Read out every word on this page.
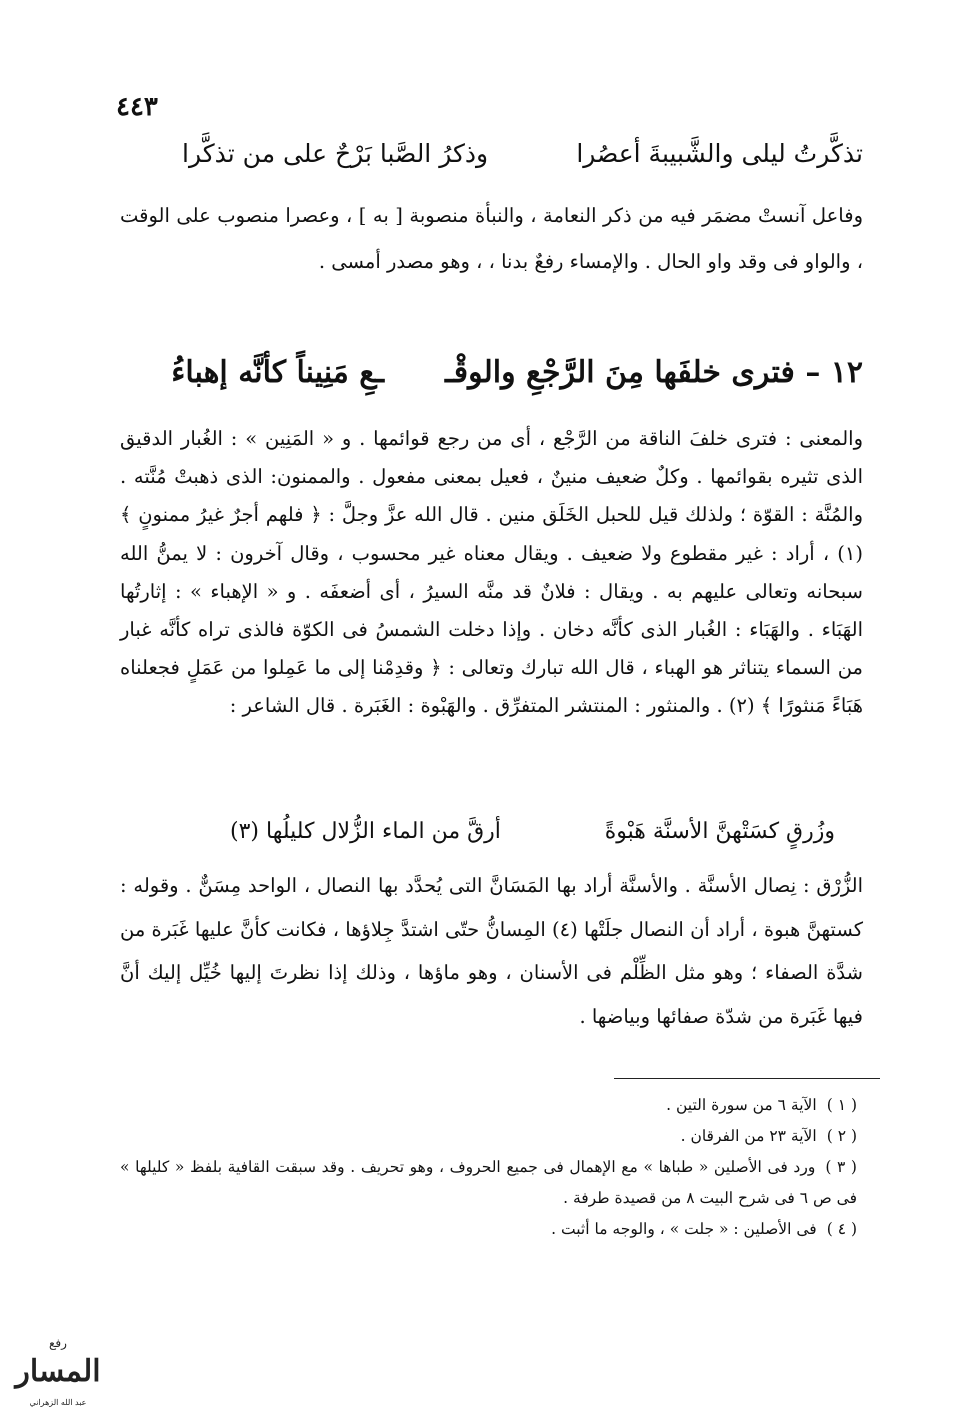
٤٤٣
تذكَّرتُ ليلى والشَّبيبةَ أعصُرا
وذكرُ الصَّبا بَرْحٌ على من تذكَّرا

وفاعل آنستْ مضمَر فيه من ذكر النعامة ، والنبأة منصوبة [ به ] ، وعصرا منصوب على الوقت ، والواو فى وقد واو الحال . والإمساء رفعٌ بدنا ، ، وهو مصدر أمسى .

١٢ – فترى خلفَها مِنَ الرَّجْعِ والوقْـ  ـعِ مَنِيناً كأنَّه إهباءُ

والمعنى : فترى خلفَ الناقة من الرَّجْع ، أى من رجع قوائمها . و « المَنِين » : الغُبار الدقيق الذى تثيره بقوائمها . وكلٌ ضعيف منينٌ ، فعيل بمعنى مفعول . والممنون: الذى ذهبتْ مُنَّته . والمُنَّة : القوّة ؛ ولذلك قيل للحبل الخَلَق منين . قال الله عزَّ وجلَّ : ﴿ فلهم أجرٌ غيرُ ممنونٍ ﴾ (١) ، أراد : غير مقطوع ولا ضعيف . ويقال معناه غير محسوب ، وقال آخرون : لا يمنُّ الله سبحانه وتعالى عليهم به . ويقال : فلانٌ قد منَّه السيرُ ، أى أضعفَه . و « الإهباء » : إثارتُها الهَبَاء . والهَبَاء : الغُبار الذى كأنَّه دخان . وإذا دخلت الشمسُ فى الكوّة فالذى تراه كأنَّه غبار من السماء يتناثر هو الهباء ، قال الله تبارك وتعالى : ﴿ وقدِمْنا إلى ما عَمِلوا من عَمَلٍ فجعلناه هَبَاءً مَنثورًا ﴾ (٢) . والمنثور : المنتشر المتفرِّق . والهَبْوة : الغَبَرة . قال الشاعر :

وزُرقٍ كسَتْهنَّ الأسنَّة هَبْوةً
أرقَّ من الماء الزُّلال كليلُها (٣)

الزُّرْق : نِصال الأسنَّة . والأسنَّة أراد بها المَسَانَّ التى يُحدَّد بها النصال ، الواحد مِسَنٌّ . وقوله : كستهنَّ هبوة ، أراد أن النصال جلَتْها (٤) المِسانُّ حتّى اشتدَّ جِلاؤها ، فكانت كأنَّ عليها غَبَرة من شدَّة الصفاء ؛ وهو مثل الظِّلْم فى الأسنان ، وهو ماؤها ، وذلك إذا نظرتَ إليها خُيِّل إليك أنَّ فيها غَبَرة من شدّة صفائها وبياضها .

( ١ )الآية ٦ من سورة التين .

( ٢ )الآية ٢٣ من الفرقان .

( ٣ )ورد فى الأصلين « طباها » مع الإهمال فى جميع الحروف ، وهو تحريف . وقد سبقت القافية بلفظ « كليلها » فى ص ٦ فى شرح البيت ٨ من قصيدة طرفة .

( ٤ )فى الأصلين : « جلت » ، والوجه ما أثبت .

رفع
المسار
عبد الله الزهراني
